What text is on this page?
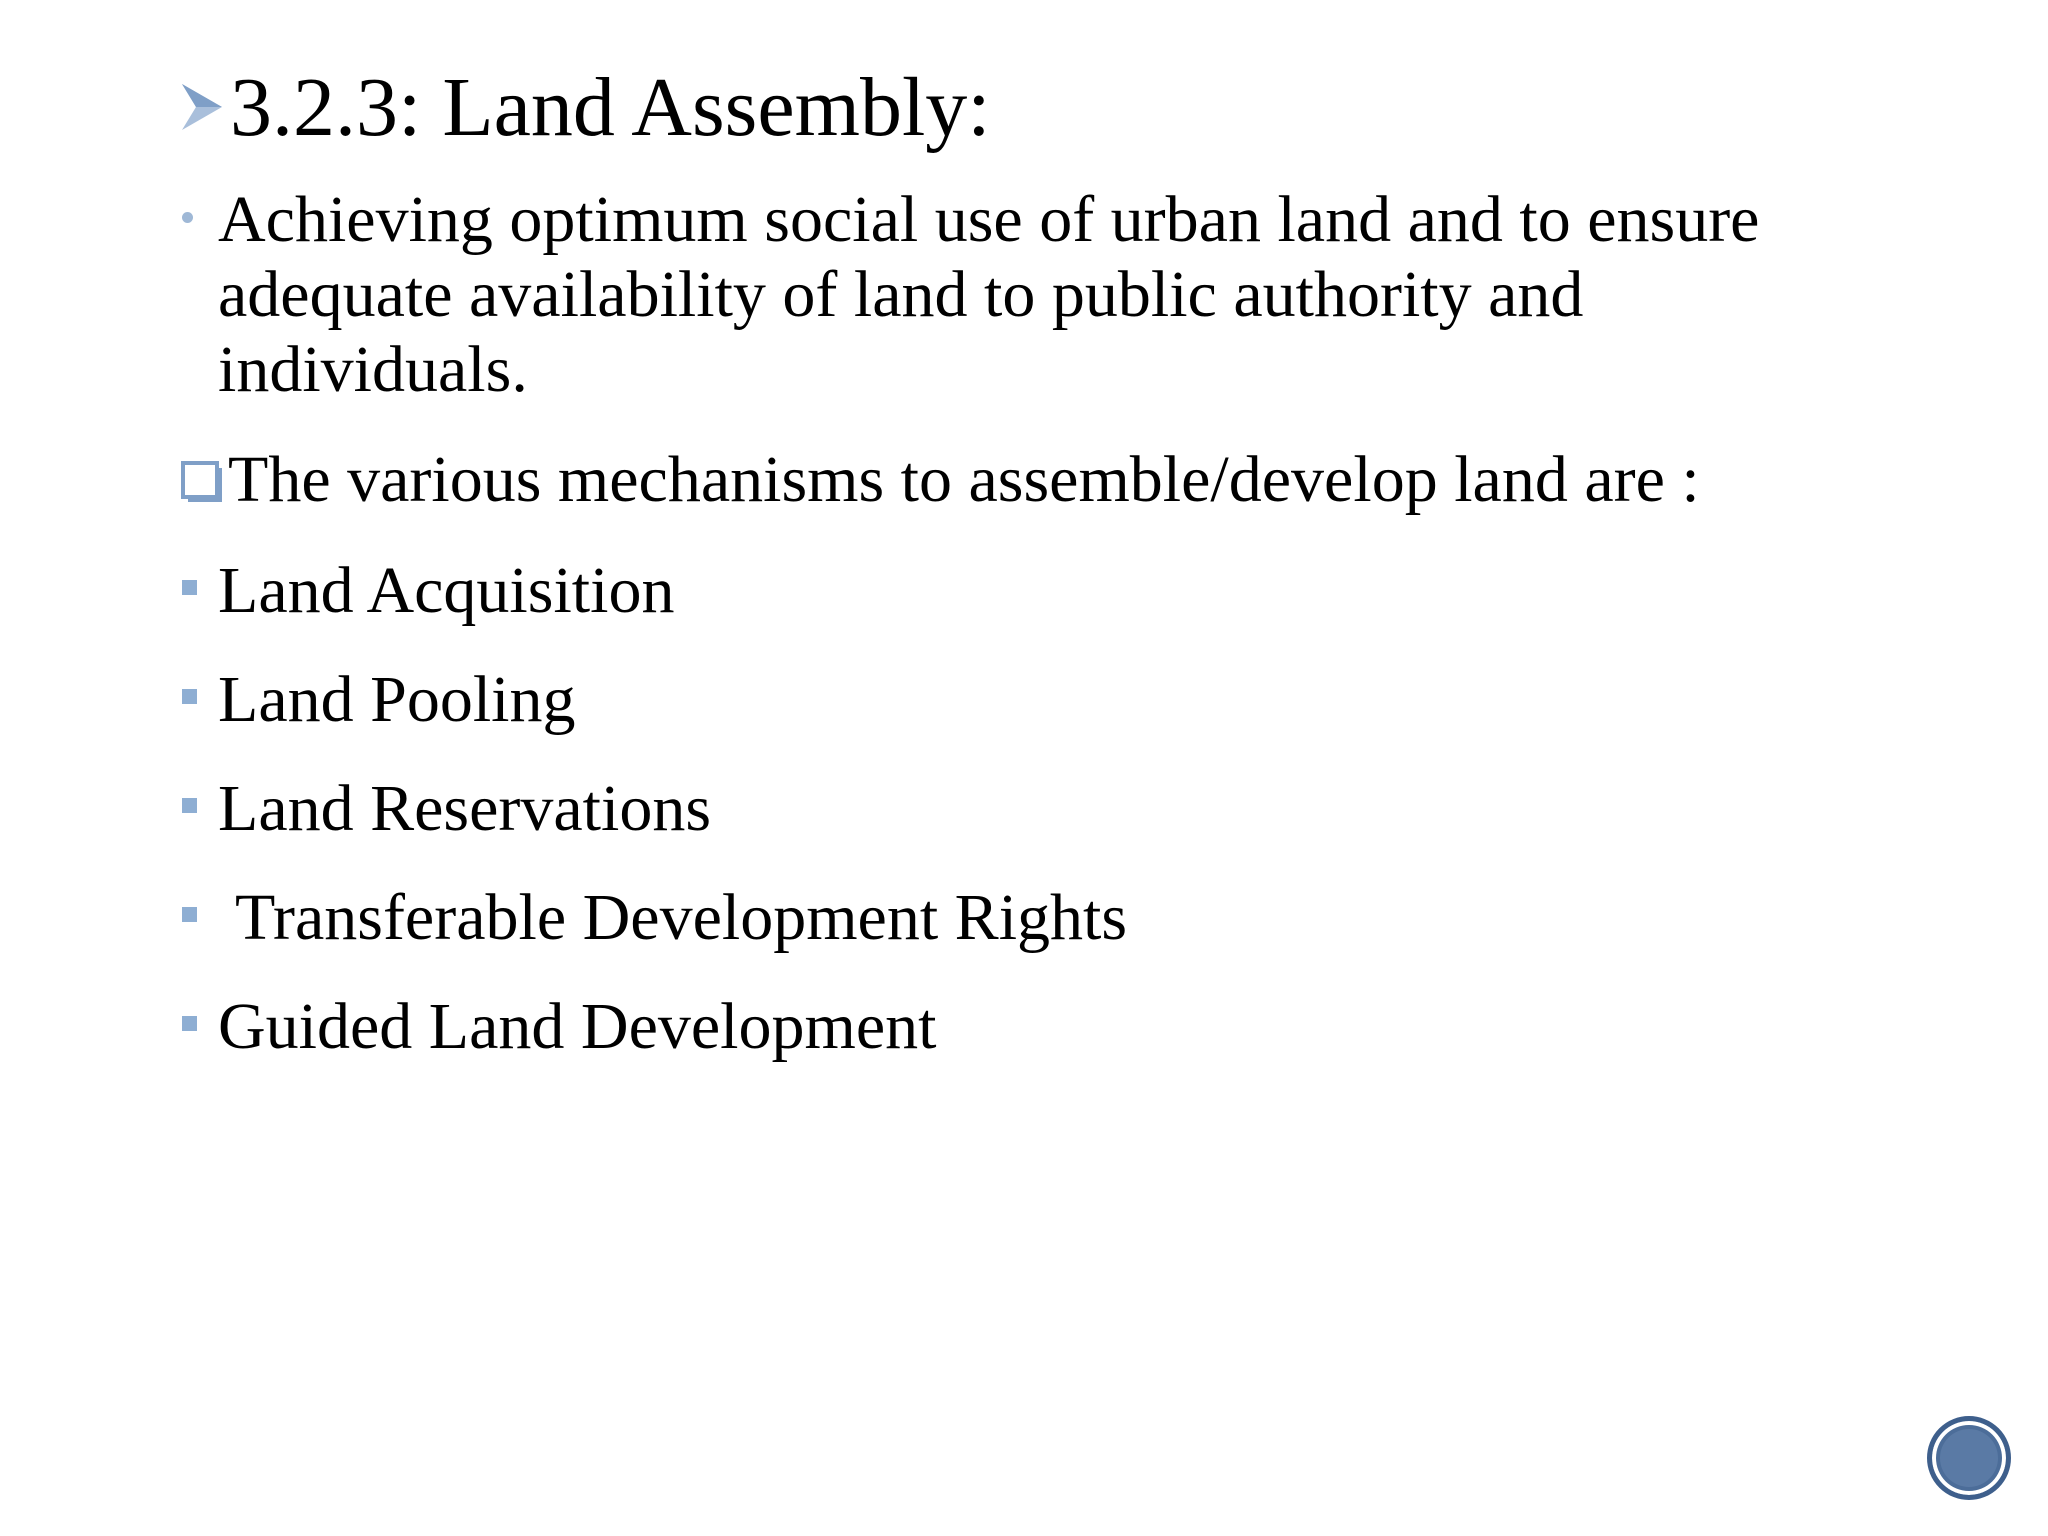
3.2.3: Land Assembly:
Achieving optimum social use of urban land and to ensure adequate availability of land to public authority and individuals.
The various mechanisms to assemble/develop land are :
Land Acquisition
Land Pooling
Land Reservations
Transferable Development Rights
Guided Land Development
